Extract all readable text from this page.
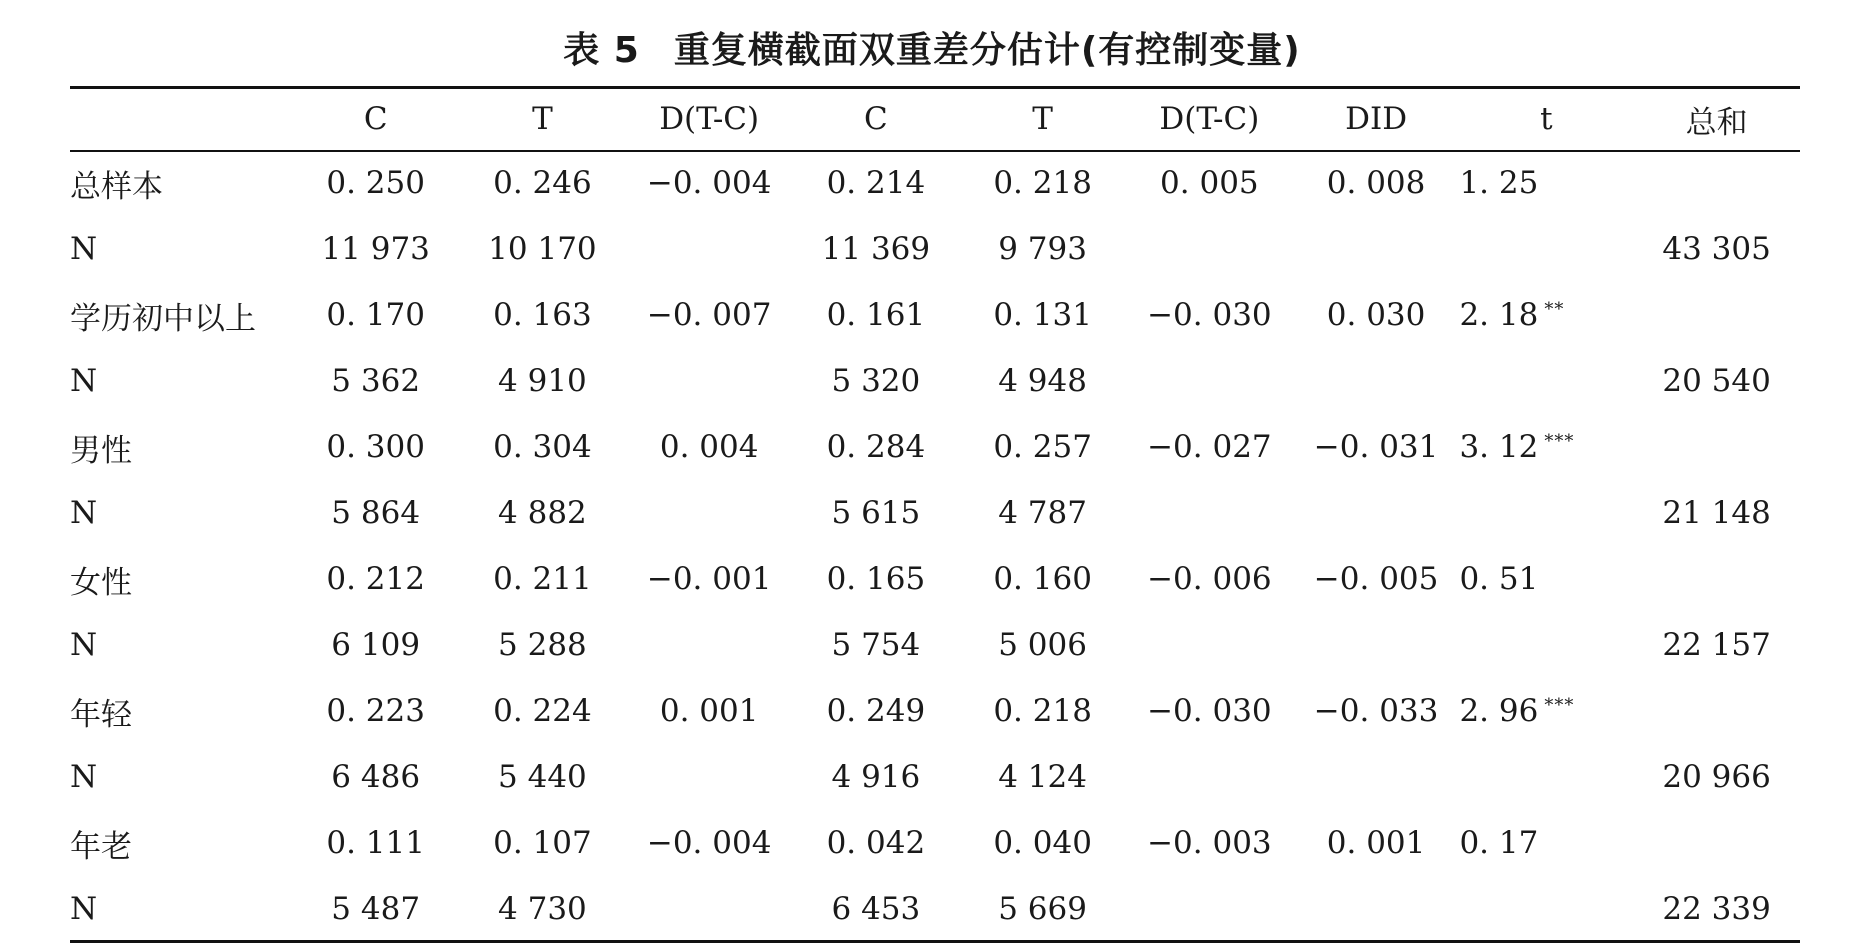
表 5 重复横截面双重差分估计(有控制变量)
	C	T	D(T-C)	C	T	D(T-C)	DID	t	总和
总样本	0. 250	0. 246	−0. 004	0. 214	0. 218	0. 005	0. 008	1. 25	
N	11 973	10 170		11 369	9 793				43 305
学历初中以上	0. 170	0. 163	−0. 007	0. 161	0. 131	−0. 030	0. 030	2. 18 **	
N	5 362	4 910		5 320	4 948				20 540
男性	0. 300	0. 304	0. 004	0. 284	0. 257	−0. 027	−0. 031	3. 12 ***	
N	5 864	4 882		5 615	4 787				21 148
女性	0. 212	0. 211	−0. 001	0. 165	0. 160	−0. 006	−0. 005	0. 51	
N	6 109	5 288		5 754	5 006				22 157
年轻	0. 223	0. 224	0. 001	0. 249	0. 218	−0. 030	−0. 033	2. 96 ***	
N	6 486	5 440		4 916	4 124				20 966
年老	0. 111	0. 107	−0. 004	0. 042	0. 040	−0. 003	0. 001	0. 17	
N	5 487	4 730		6 453	5 669				22 339
